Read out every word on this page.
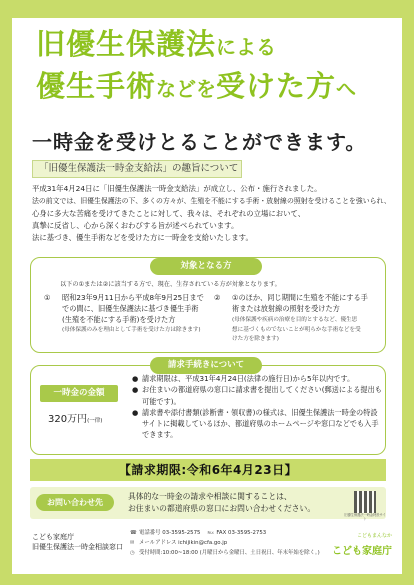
旧優生保護法による
優生手術などを受けた方へ
一時金を受けとることができます。
「旧優生保護法一時金支給法」の趣旨について

平成31年4月24日に「旧優生保護法一時金支給法」が成立し、公布・施行されました。

法の前文では、旧優生保護法の下、多くの方々が、生殖を不能にする手術・放射線の照射を受けることを強いられ、

心身に多大な苦痛を受けてきたことに対して、我々は、それぞれの立場において、

真摯に反省し、心から深くおわびする旨が述べられています。

法に基づき、優生手術などを受けた方に一時金を支給いたします。

対象となる方
以下の①または②に該当する方で、現在、生存されている方が対象となります。
①	昭和23年9月11日から平成8年9月25日まで
での間に、旧優生保護法に基づき優生手術
(生殖を不能にする手術)を受けた方
(母体保護のみを理由として手術を受けた方は除きます)
②	①のほか、同じ期間に生殖を不能にする手
術または放射線の照射を受けた方
(母体保護や疾病の治療を目的とするなど、優生思
想に基づくものでないことが明らかな手術などを受
けた方を除きます)
請求手続きについて
一時金の金額
320万円(一律)
● 請求期限は、平成31年4月24日(法律の施行日)から5年以内です。
● お住まいの都道府県の窓口に請求書を提出してください(郵送による提出も可能です)。
● 請求書や添付書類(診断書・領収書)の様式は、旧優生保護法一時金の特設サイトに掲載しているほか、都道府県のホームページや窓口などでも入手できます。
【請求期限:令和6年4月23日】
お問い合わせ先
具体的な一時金の請求や相談に関することは、
お住まいの都道府県の窓口にお問い合わせください。
旧優生保護法一時金特設サイト
こども家庭庁
旧優生保護法一時金相談窓口
☎ 電話番号 03-3595-2575 ℻ FAX 03-3595-2753
✉ メールアドレス ichijikin@cfa.go.jp
◷ 受付時間:10:00~18:00 (月曜日から金曜日、土日祝日、年末年始を除く。)
こどもまんなか
こども家庭庁
